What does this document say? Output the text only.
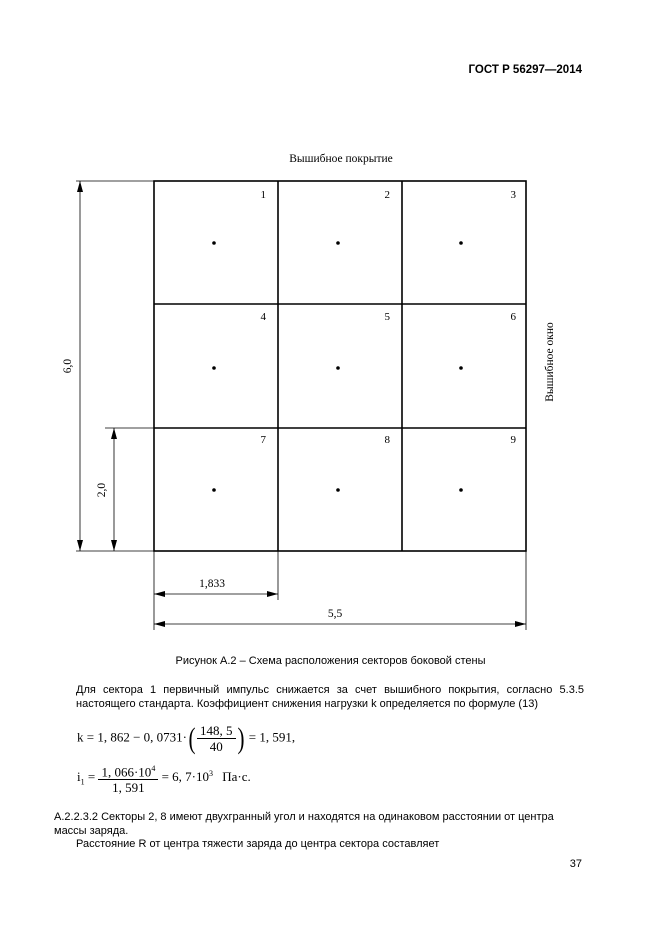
ГОСТ Р 56297—2014
Вышибное покрытие
1	2	3
4	5	6
7	8	9
Вышибное окно
6,0
2,0
1,833
5,5
Рисунок А.2 – Схема расположения секторов боковой стены
Для сектора 1 первичный импульс снижается за счет вышибного покрытия, согласно 5.3.5
настоящего стандарта. Коэффициент снижения нагрузки k определяется по формуле (13)
k = 1, 862 − 0, $0731\cdot( \frac{148, 5}{40}$ ) = 1, 591,
$i_1 = \frac{1, 066\cdot 10^4}{1, 591} = 6$, $7\cdot 10^3$ Па·с.
А.2.2.3.2 Секторы 2, 8 имеют двухгранный угол и находятся на одинаковом расстоянии от центра массы заряда.
Расстояние R от центра тяжести заряда до центра сектора составляет
37
